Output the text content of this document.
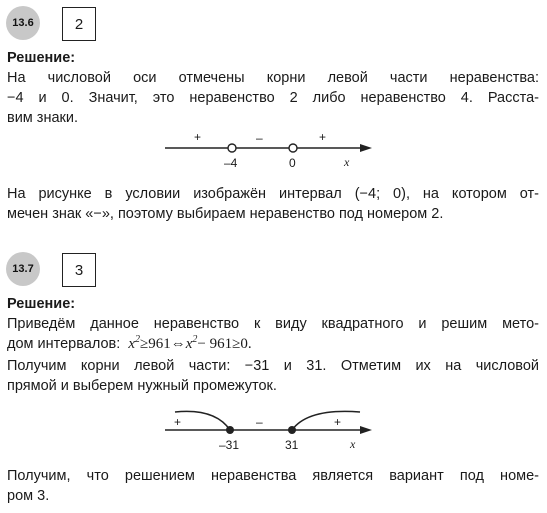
13.6	2
Решение:
На числовой оси отмечены корни левой части неравенства:
−4 и 0. Значит, это неравенство 2 либо неравенство 4. Расста-
вим знаки.
+	–	+
–4	0	x
На рисунке в условии изображён интервал (−4; 0), на котором от-
мечен знак «−», поэтому выбираем неравенство под номером 2.
13.7	3
Решение:
Приведём данное неравенство к виду квадратного и решим мето-
дом интервалов: $x^2\ge 961\Leftrightarrow x^2- 961\ge 0$.
Получим корни левой части: −31 и 31. Отметим их на числовой
прямой и выберем нужный промежуток.
+	–	+
–31	31	x
Получим, что решением неравенства является вариант под номе-
ром 3.
